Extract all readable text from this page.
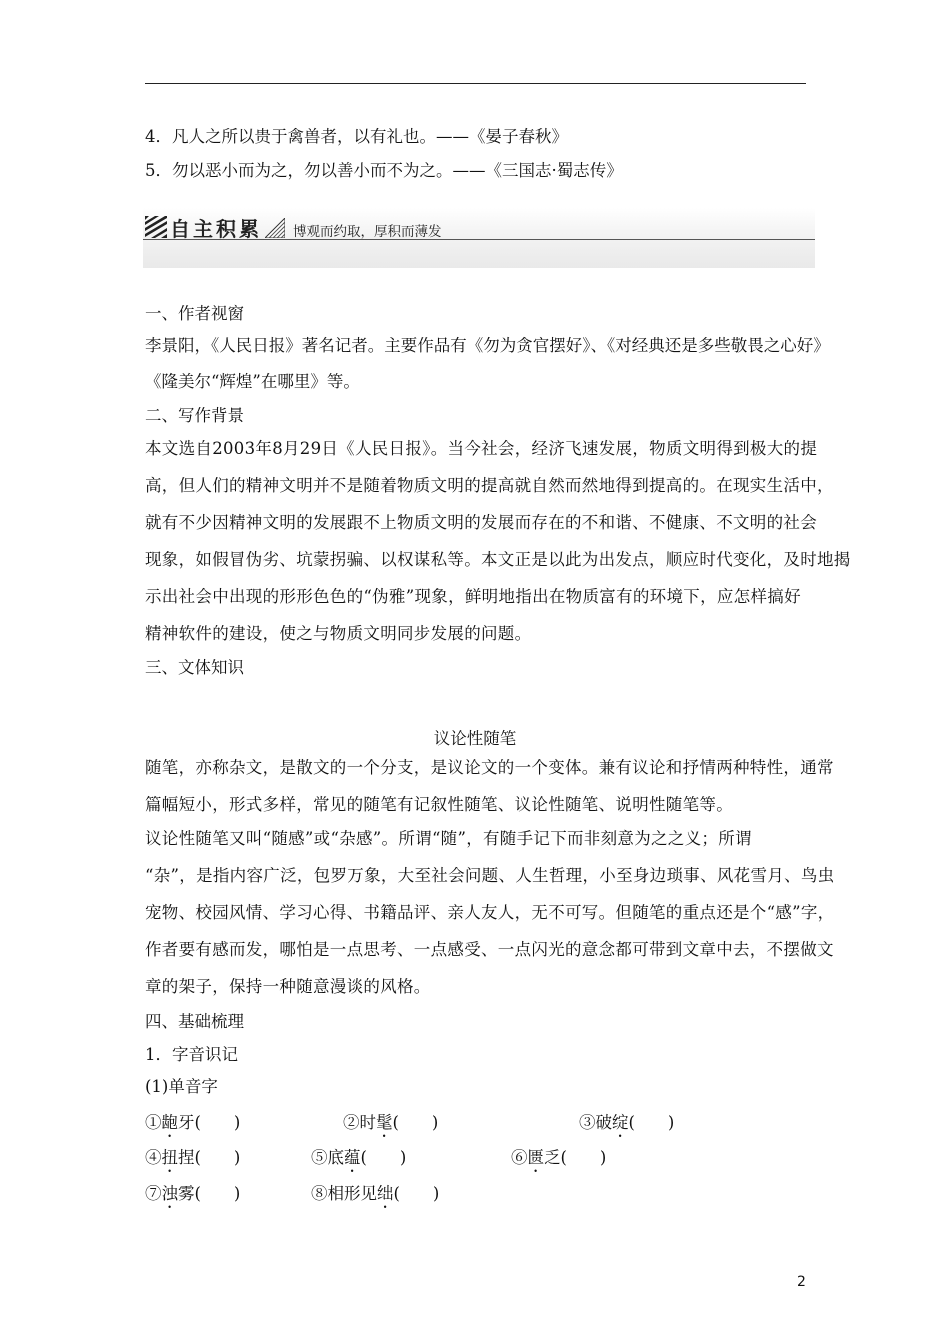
4．凡人之所以贵于禽兽者，以有礼也。——《晏子春秋》
5．勿以恶小而为之，勿以善小而不为之。——《三国志·蜀志传》
自主积累 博观而约取，厚积而薄发
一、作者视窗
李景阳，《人民日报》著名记者。主要作品有《勿为贪官摆好》、《对经典还是多些敬畏之心好》
《隆美尔“辉煌”在哪里》等。
二、写作背景
本文选自2003年8月29日《人民日报》。当今社会，经济飞速发展，物质文明得到极大的提
高，但人们的精神文明并不是随着物质文明的提高就自然而然地得到提高的。在现实生活中，
就有不少因精神文明的发展跟不上物质文明的发展而存在的不和谐、不健康、不文明的社会
现象，如假冒伪劣、坑蒙拐骗、以权谋私等。本文正是以此为出发点，顺应时代变化，及时地揭
示出社会中出现的形形色色的“伪雅”现象，鲜明地指出在物质富有的环境下，应怎样搞好
精神软件的建设，使之与物质文明同步发展的问题。
三、文体知识
议论性随笔
随笔，亦称杂文，是散文的一个分支，是议论文的一个变体。兼有议论和抒情两种特性，通常
篇幅短小，形式多样，常见的随笔有记叙性随笔、议论性随笔、说明性随笔等。
议论性随笔又叫“随感”或“杂感”。所谓“随”，有随手记下而非刻意为之之义；所谓
“杂”，是指内容广泛，包罗万象，大至社会问题、人生哲理，小至身边琐事、风花雪月、鸟虫
宠物、校园风情、学习心得、书籍品评、亲人友人，无不可写。但随笔的重点还是个“感”字，
作者要有感而发，哪怕是一点思考、一点感受、一点闪光的意念都可带到文章中去，不摆做文
章的架子，保持一种随意漫谈的风格。
四、基础梳理
1．字音识记
(1)单音字
①龅牙(　　)	②时髦(　　)	③破绽(　　)
④扭捏(　　)	⑤底蕴(　　)	⑥匮乏(　　)
⑦浊雾(　　)	⑧相形见绌(　　)
2
